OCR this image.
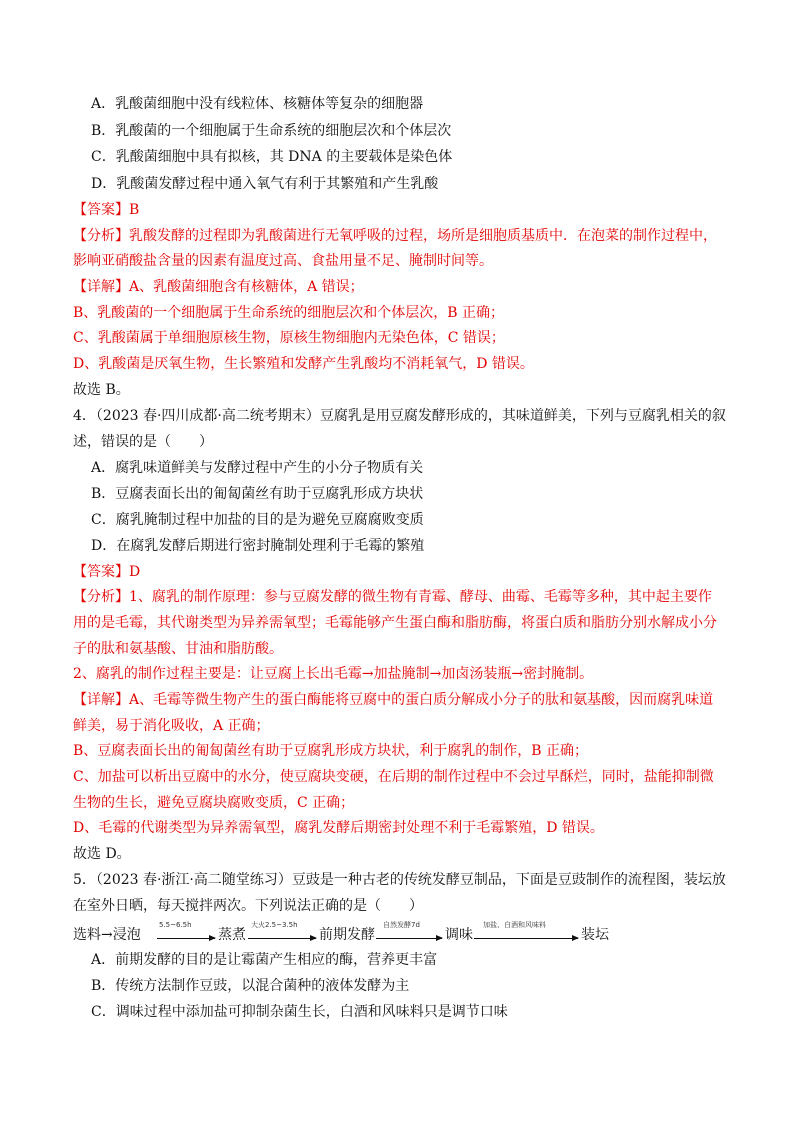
A．乳酸菌细胞中没有线粒体、核糖体等复杂的细胞器
B．乳酸菌的一个细胞属于生命系统的细胞层次和个体层次
C．乳酸菌细胞中具有拟核，其 DNA 的主要载体是染色体
D．乳酸菌发酵过程中通入氧气有利于其繁殖和产生乳酸
【答案】B
【分析】乳酸发酵的过程即为乳酸菌进行无氧呼吸的过程，场所是细胞质基质中．在泡菜的制作过程中，
影响亚硝酸盐含量的因素有温度过高、食盐用量不足、腌制时间等。
【详解】A、乳酸菌细胞含有核糖体，A 错误；
B、乳酸菌的一个细胞属于生命系统的细胞层次和个体层次，B 正确；
C、乳酸菌属于单细胞原核生物，原核生物细胞内无染色体，C 错误；
D、乳酸菌是厌氧生物，生长繁殖和发酵产生乳酸均不消耗氧气，D 错误。
故选 B。
4．（2023 春·四川成都·高二统考期末）豆腐乳是用豆腐发酵形成的，其味道鲜美，下列与豆腐乳相关的叙
述，错误的是（　　）
A．腐乳味道鲜美与发酵过程中产生的小分子物质有关
B．豆腐表面长出的匍匐菌丝有助于豆腐乳形成方块状
C．腐乳腌制过程中加盐的目的是为避免豆腐腐败变质
D．在腐乳发酵后期进行密封腌制处理利于毛霉的繁殖
【答案】D
【分析】1、腐乳的制作原理：参与豆腐发酵的微生物有青霉、酵母、曲霉、毛霉等多种，其中起主要作
用的是毛霉，其代谢类型为异养需氧型；毛霉能够产生蛋白酶和脂肪酶，将蛋白质和脂肪分别水解成小分
子的肽和氨基酸、甘油和脂肪酸。
2、腐乳的制作过程主要是：让豆腐上长出毛霉→加盐腌制→加卤汤装瓶→密封腌制。
【详解】A、毛霉等微生物产生的蛋白酶能将豆腐中的蛋白质分解成小分子的肽和氨基酸，因而腐乳味道
鲜美，易于消化吸收，A 正确；
B、豆腐表面长出的匍匐菌丝有助于豆腐乳形成方块状，利于腐乳的制作，B 正确；
C、加盐可以析出豆腐中的水分，使豆腐块变硬，在后期的制作过程中不会过早酥烂，同时，盐能抑制微
生物的生长，避免豆腐块腐败变质，C 正确；
D、毛霉的代谢类型为异养需氧型，腐乳发酵后期密封处理不利于毛霉繁殖，D 错误。
故选 D。
5．（2023 春·浙江·高二随堂练习）豆豉是一种古老的传统发酵豆制品，下面是豆豉制作的流程图，装坛放
在室外日晒，每天搅拌两次。下列说法正确的是（　　）
选料→浸泡
5.5~6.5h
蒸煮
大火2.5~3.5h
前期发酵
自然发酵7d
调味
加盐、白酒和风味料
装坛
A．前期发酵的目的是让霉菌产生相应的酶，营养更丰富
B．传统方法制作豆豉，以混合菌种的液体发酵为主
C．调味过程中添加盐可抑制杂菌生长，白酒和风味料只是调节口味
